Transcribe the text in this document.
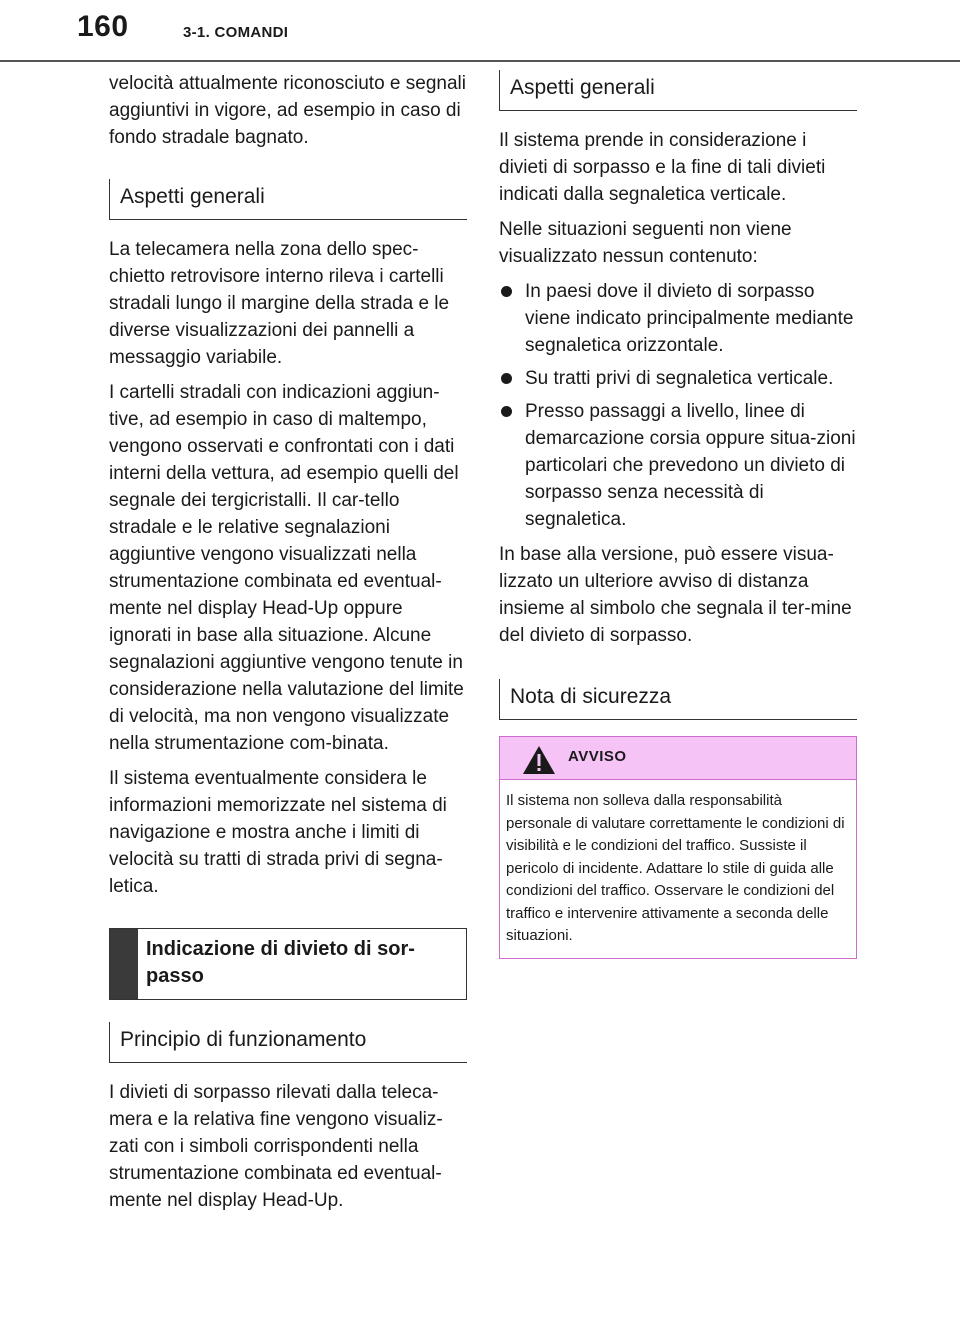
160	3-1. COMANDI

velocità attualmente riconosciuto e segnali aggiuntivi in vigore, ad esempio in caso di fondo stradale bagnato.

Aspetti generali

La telecamera nella zona dello spec-chietto retrovisore interno rileva i cartelli stradali lungo il margine della strada e le diverse visualizzazioni dei pannelli a messaggio variabile.

I cartelli stradali con indicazioni aggiun-tive, ad esempio in caso di maltempo, vengono osservati e confrontati con i dati interni della vettura, ad esempio quelli del segnale dei tergicristalli. Il car-tello stradale e le relative segnalazioni aggiuntive vengono visualizzati nella strumentazione combinata ed eventual-mente nel display Head-Up oppure ignorati in base alla situazione. Alcune segnalazioni aggiuntive vengono tenute in considerazione nella valutazione del limite di velocità, ma non vengono visualizzate nella strumentazione com-binata.

Il sistema eventualmente considera le informazioni memorizzate nel sistema di navigazione e mostra anche i limiti di velocità su tratti di strada privi di segna-letica.

Indicazione di divieto di sor-passo
Principio di funzionamento

I divieti di sorpasso rilevati dalla teleca-mera e la relativa fine vengono visualiz-zati con i simboli corrispondenti nella strumentazione combinata ed eventual-mente nel display Head-Up.

Aspetti generali

Il sistema prende in considerazione i divieti di sorpasso e la fine di tali divieti indicati dalla segnaletica verticale.

Nelle situazioni seguenti non viene visualizzato nessun contenuto:

In paesi dove il divieto di sorpasso viene indicato principalmente mediante segnaletica orizzontale.
Su tratti privi di segnaletica verticale.
Presso passaggi a livello, linee di demarcazione corsia oppure situa-zioni particolari che prevedono un divieto di sorpasso senza necessità di segnaletica.

In base alla versione, può essere visua-lizzato un ulteriore avviso di distanza insieme al simbolo che segnala il ter-mine del divieto di sorpasso.

Nota di sicurezza
AVVISO
Il sistema non solleva dalla responsabilità personale di valutare correttamente le condizioni di visibilità e le condizioni del traffico. Sussiste il pericolo di incidente. Adattare lo stile di guida alle condizioni del traffico. Osservare le condizioni del traffico e intervenire attivamente a seconda delle situazioni.
